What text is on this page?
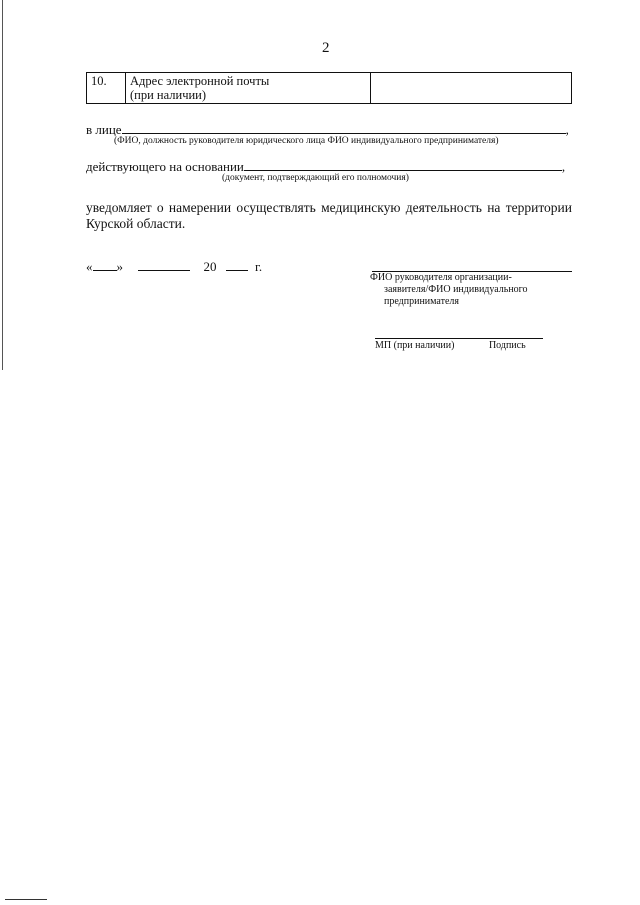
2
10.	Адрес электронной почты
(при наличии)

в лице	,
(ФИО, должность руководителя юридического лица ФИО индивидуального предпринимателя)
действующего на основании	,
(документ, подтверждающий его полномочия)
уведомляет о намерении осуществлять медицинскую деятельность на территории Курской области.
« »	20	г.
ФИО руководителя организации-
заявителя/ФИО индивидуального
предпринимателя
МП (при наличии)	Подпись
